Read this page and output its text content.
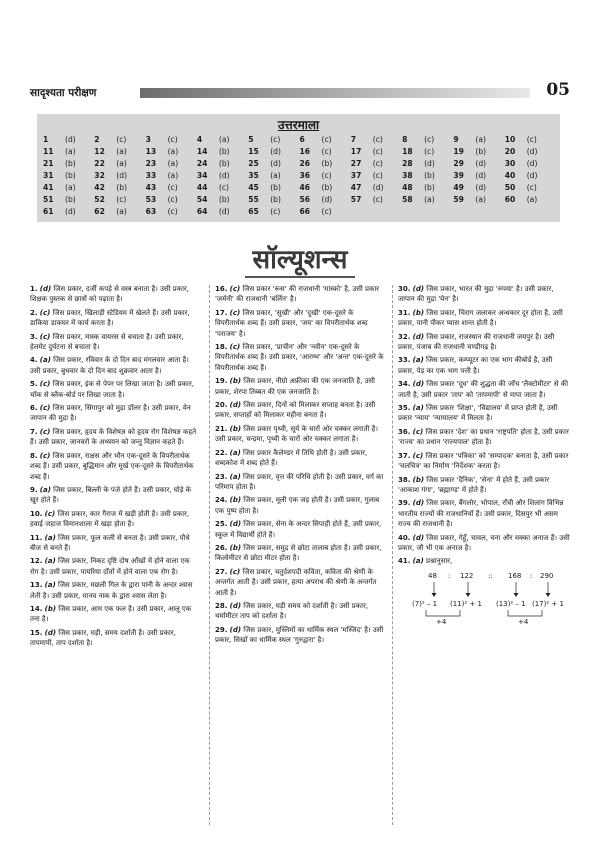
सादृश्यता परीक्षण	05
उत्तरमाला
1 (d)	2 (c)	3 (c)	4 (a)	5 (c)	6 (c)	7 (c)	8 (c)	9 (a)	10 (c)
11 (a)	12 (a)	13 (a)	14 (b)	15 (d)	16 (c)	17 (c)	18 (c)	19 (b)	20 (d)
21 (b)	22 (a)	23 (a)	24 (b)	25 (d)	26 (b)	27 (c)	28 (d)	29 (d)	30 (d)
31 (b)	32 (d)	33 (a)	34 (d)	35 (a)	36 (c)	37 (c)	38 (b)	39 (d)	40 (d)
41 (a)	42 (b)	43 (c)	44 (c)	45 (b)	46 (b)	47 (d)	48 (b)	49 (d)	50 (c)
51 (b)	52 (c)	53 (c)	54 (b)	55 (b)	56 (d)	57 (c)	58 (a)	59 (a)	60 (a)
61 (d)	62 (a)	63 (c)	64 (d)	65 (c)	66 (c)
सॉल्यूशन्स
1. (d) जिस प्रकार, दर्जी कपड़े से वस्त्र बनाता है। उसी प्रकार, शिक्षक पुस्तक से छात्रों को पढ़ाता है।
2. (c) जिस प्रकार, खिलाड़ी स्टेडियम में खेलते हैं। उसी प्रकार, डाकिया डाकघर में कार्य करता है।
3. (c) जिस प्रकार, मास्क वायरस से बचाता है। उसी प्रकार, हेलमेट दुर्घटना से बचाता है।
4. (a) जिस प्रकार, रविवार के दो दिन बाद मंगलवार आता है। उसी प्रकार, बुधवार के दो दिन बाद शुक्रवार आता है।
5. (c) जिस प्रकार, इंक से पेपर पर लिखा जाता है। उसी प्रकार, चॉक से ब्लैक-बोर्ड पर लिखा जाता है।
6. (c) जिस प्रकार, सिंगापुर को मुद्रा डॉलर है। उसी प्रकार, येन जापान की मुद्रा है।
7. (c) जिस प्रकार, हृदय के विशेषज्ञ को हृदय रोग विशेषज्ञ कहते हैं। उसी प्रकार, जानवरों के अध्ययन को जन्तु विज्ञान कहते हैं।
8. (c) जिस प्रकार, राक्षस और भौन एक-दूसरे के विपरीतार्थक शब्द हैं। उसी प्रकार, बुद्धिमान और मूर्ख एक-दूसरे के विपरीतार्थक शब्द हैं।
9. (a) जिस प्रकार, बिल्ली के पंजे होते हैं। उसी प्रकार, घोड़े के खुर होते हैं।
10. (c) जिस प्रकार, कार गैराज में खड़ी होती है। उसी प्रकार, हवाई जहाज विमानशाला में खड़ा होता है।
11. (a) जिस प्रकार, फूल कली से बनता है। उसी प्रकार, पौधे बीज से बनते हैं।
12. (a) जिस प्रकार, निकट दृष्टि दोष आँखों में होने वाला एक रोग है। उसी प्रकार, पायरिया दाँतों में होने वाला एक रोग है।
13. (a) जिस प्रकार, मछली गिल के द्वारा पानी के अन्दर श्वास लेती है। उसी प्रकार, मानव नाक के द्वारा श्वास लेता है।
14. (b) जिस प्रकार, आम एक फल है। उसी प्रकार, आलू एक तना है।
15. (d) जिस प्रकार, घड़ी, समय दर्शाती है। उसी प्रकार, तापमापी, ताप दर्शाता है।
16. (c) जिस प्रकार 'रूस' की राजधानी 'मास्को' है, उसी प्रकार 'जर्मनी' की राजधानी 'बर्लिन' है।
17. (c) जिस प्रकार, 'सुखी' और 'दुखी' एक-दूसरे के विपरीतार्थक शब्द हैं। उसी प्रकार, 'जय' का विपरीतार्थक शब्द 'पराजय' है।
18. (c) जिस प्रकार, 'प्राचीन' और 'नवीन' एक-दूसरे के विपरीतार्थक शब्द हैं। उसी प्रकार, 'आरम्भ' और 'अन्त' एक-दूसरे के विपरीतार्थक शब्द हैं।
19. (b) जिस प्रकार, नीग्रो अफ्रीका की एक जनजाति है, उसी प्रकार, शेरपा तिब्बत की एक जनजाति है।
20. (d) जिस प्रकार, दिनों को मिलाकर सप्ताह बनता है। उसी प्रकार, सप्ताहों को मिलाकर महीना बनता है।
21. (b) जिस प्रकार पृथ्वी, सूर्य के चारों ओर चक्कर लगाती है। उसी प्रकार, चन्द्रमा, पृथ्वी के चारों ओर चक्कर लगाता है।
22. (a) जिस प्रकार कैलेण्डर में तिथि होती है। उसी प्रकार, शब्दकोश में शब्द होते हैं।
23. (a) जिस प्रकार, वृत्त की परिधि होती है। उसी प्रकार, वर्ग का परिमाप होता है।
24. (b) जिस प्रकार, मूली एक जड़ होती है। उसी प्रकार, गुलाब एक पुष्प होता है।
25. (d) जिस प्रकार, सेना के अन्दर सिपाही होते हैं, उसी प्रकार, स्कूल में विद्यार्थी होते हैं।
26. (b) जिस प्रकार, समुद्र से छोटा तालाब होता है। उसी प्रकार, किलोमीटर से छोटा मीटर होता है।
27. (c) जिस प्रकार, चतुर्दशपदी कविता, कविता की श्रेणी के अन्तर्गत आती है। उसी प्रकार, हत्या अपराध की श्रेणी के अन्तर्गत आती है।
28. (d) जिस प्रकार, घड़ी समय को दर्शाती है। उसी प्रकार, थर्मामीटर ताप को दर्शाता है।
29. (d) जिस प्रकार, मुस्लिमों का धार्मिक स्थल 'मस्जिद' है। उसी प्रकार, सिखों का धार्मिक स्थल 'गुरुद्वारा' है।
30. (d) जिस प्रकार, भारत की मुद्रा 'रुपया' है। उसी प्रकार, जापान की मुद्रा 'येन' है।
31. (b) जिस प्रकार, चिराग जलाकर अन्धकार दूर होता है, उसी प्रकार, पानी पीकर प्यास शान्त होती है।
32. (d) जिस प्रकार, राजस्थान की राजधानी जयपुर है। उसी प्रकार, पंजाब की राजधानी चण्डीगढ़ है।
33. (a) जिस प्रकार, कम्प्यूटर का एक भाग कीबोर्ड है, उसी प्रकार, पेड़ का एक भाग पत्ती है।
34. (d) जिस प्रकार 'दूध' की शुद्धता की जाँच 'लैक्टोमीटर' से की जाती है, उसी प्रकार 'ताप' को 'तापमापी' से मापा जाता है।
35. (a) जिस प्रकार 'शिक्षा', 'विद्यालय' में प्राप्त होती है, उसी प्रकार 'न्याय' 'न्यायालय' में मिलता है।
36. (c) जिस प्रकार 'देश' का प्रधान 'राष्ट्रपति' होता है, उसी प्रकार 'राज्य' का प्रधान 'राज्यपाल' होता है।
37. (c) जिस प्रकार 'पत्रिका' को 'सम्पादक' बनाता है, उसी प्रकार 'चलचित्र' का निर्माण 'निर्देशक' करता है।
38. (b) जिस प्रकार 'दैनिक', 'सेना' में होते हैं, उसी प्रकार 'आकाश गंगा', 'ब्रह्माण्ड' में होते हैं।
39. (d) जिस प्रकार, बैंगलोर, भोपाल, राँची और शिलांग विभिन्न भारतीय राज्यों की राजधानियाँ हैं। उसी प्रकार, दिसपुर भी असम राज्य की राजधानी है।
40. (d) जिस प्रकार, गेहूँ, चावल, चना और मक्का अनाज हैं। उसी प्रकार, जौ भी एक अनाज है।
41. (a) प्रश्नानुसार,
48 : 122 :: 168 : 290
(7)² – 1 (11)² + 1 (13)² – 1 (17)² + 1
+4	+4
